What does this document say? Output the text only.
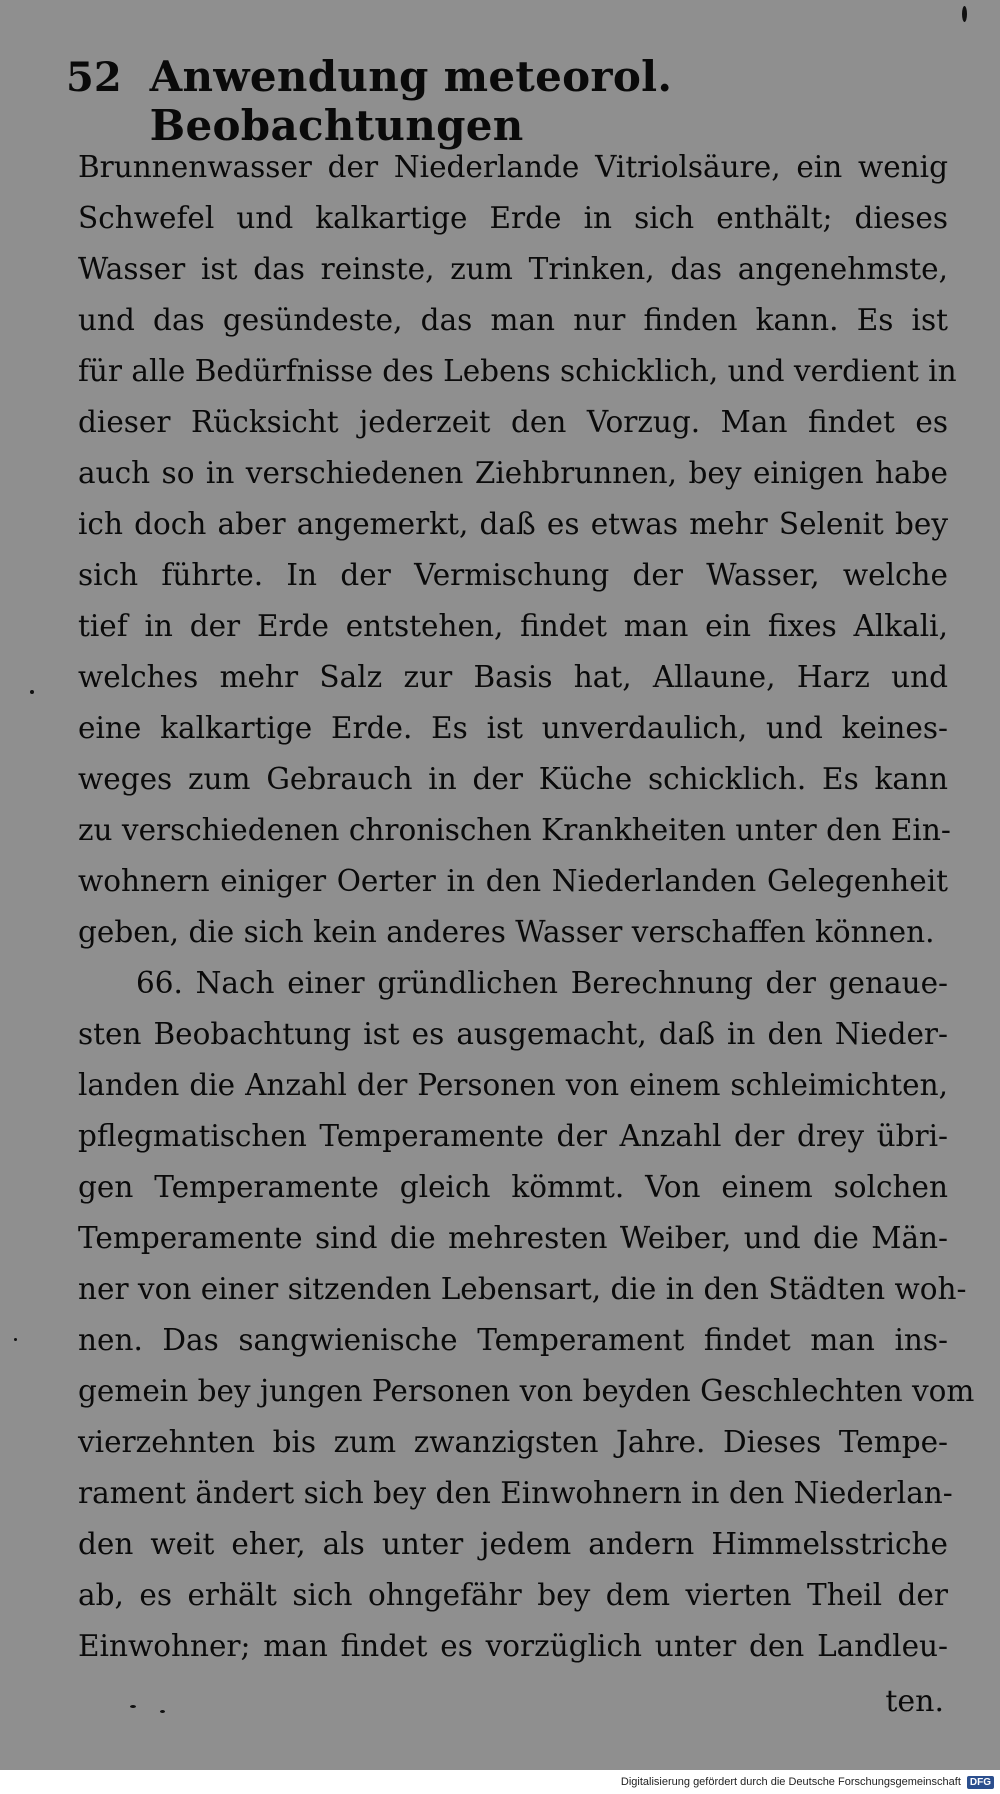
52 Anwendung meteorol. Beobachtungen
Brunnenwasser der Niederlande Vitriolsäure, ein wenig
Schwefel und kalkartige Erde in sich enthält; dieses
Wasser ist das reinste, zum Trinken, das angenehmste,
und das gesündeste, das man nur finden kann. Es ist
für alle Bedürfnisse des Lebens schicklich, und verdient in
dieser Rücksicht jederzeit den Vorzug. Man findet es
auch so in verschiedenen Ziehbrunnen, bey einigen habe
ich doch aber angemerkt, daß es etwas mehr Selenit bey
sich führte. In der Vermischung der Wasser, welche
tief in der Erde entstehen, findet man ein fixes Alkali,
welches mehr Salz zur Basis hat, Allaune, Harz und
eine kalkartige Erde. Es ist unverdaulich, und keines-
weges zum Gebrauch in der Küche schicklich. Es kann
zu verschiedenen chronischen Krankheiten unter den Ein-
wohnern einiger Oerter in den Niederlanden Gelegenheit
geben, die sich kein anderes Wasser verschaffen können.
66. Nach einer gründlichen Berechnung der genaue-
sten Beobachtung ist es ausgemacht, daß in den Nieder-
landen die Anzahl der Personen von einem schleimichten,
pflegmatischen Temperamente der Anzahl der drey übri-
gen Temperamente gleich kömmt. Von einem solchen
Temperamente sind die mehresten Weiber, und die Män-
ner von einer sitzenden Lebensart, die in den Städten woh-
nen. Das sangwienische Temperament findet man ins-
gemein bey jungen Personen von beyden Geschlechten vom
vierzehnten bis zum zwanzigsten Jahre. Dieses Tempe-
rament ändert sich bey den Einwohnern in den Niederlan-
den weit eher, als unter jedem andern Himmelsstriche
ab, es erhält sich ohngefähr bey dem vierten Theil der
Einwohner; man findet es vorzüglich unter den Landleu-
ten.
Digitalisierung gefördert durch die Deutsche Forschungsgemeinschaft DFG
